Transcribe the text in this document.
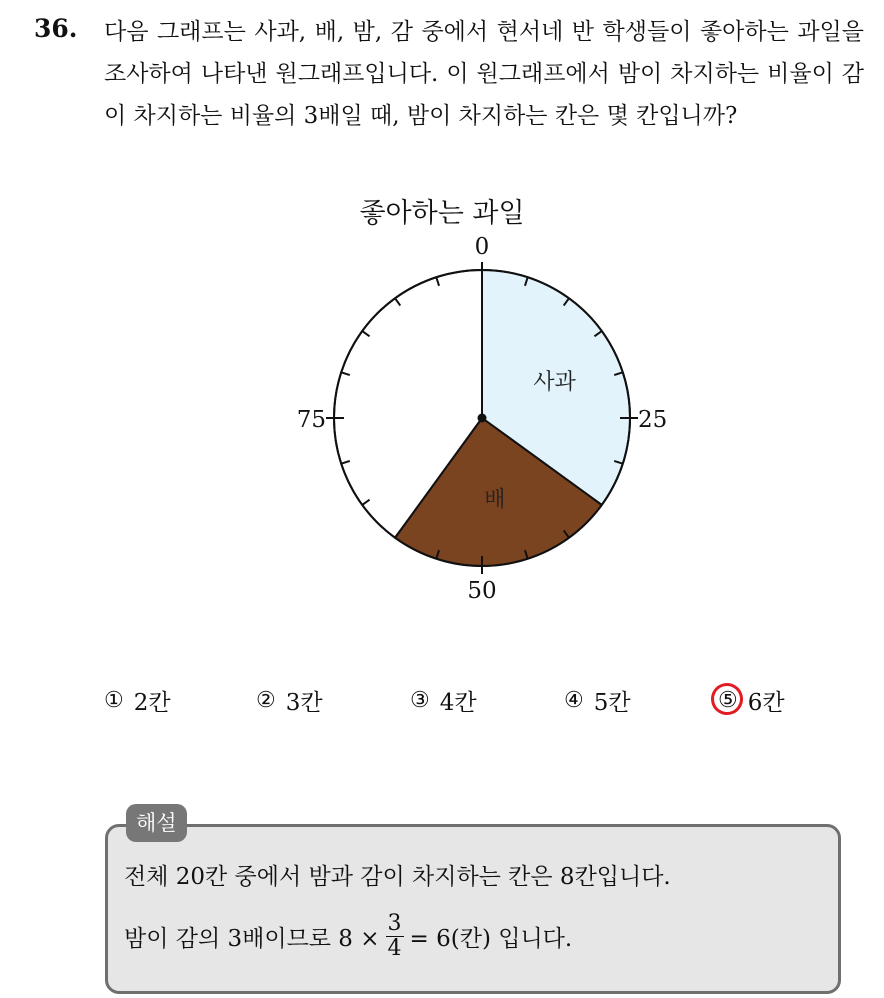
36. 다음 그래프는 사과, 배, 밤, 감 중에서 현서네 반 학생들이 좋아하는 과일을 조사하여 나타낸 원그래프입니다. 이 원그래프에서 밤이 차지하는 비율이 감이 차지하는 비율의 3배일 때, 밤이 차지하는 칸은 몇 칸입니까?

좋아하는 과일
0
25
50
75
사과
배
① 2칸	② 3칸	③ 4칸	④ 5칸	⑤ 6칸
해설
전체 20칸 중에서 밤과 감이 차지하는 칸은 8칸입니다.
밤이 감의 3배이므로 $8 \times \frac{3}{4} = 6$(칸) 입니다.
